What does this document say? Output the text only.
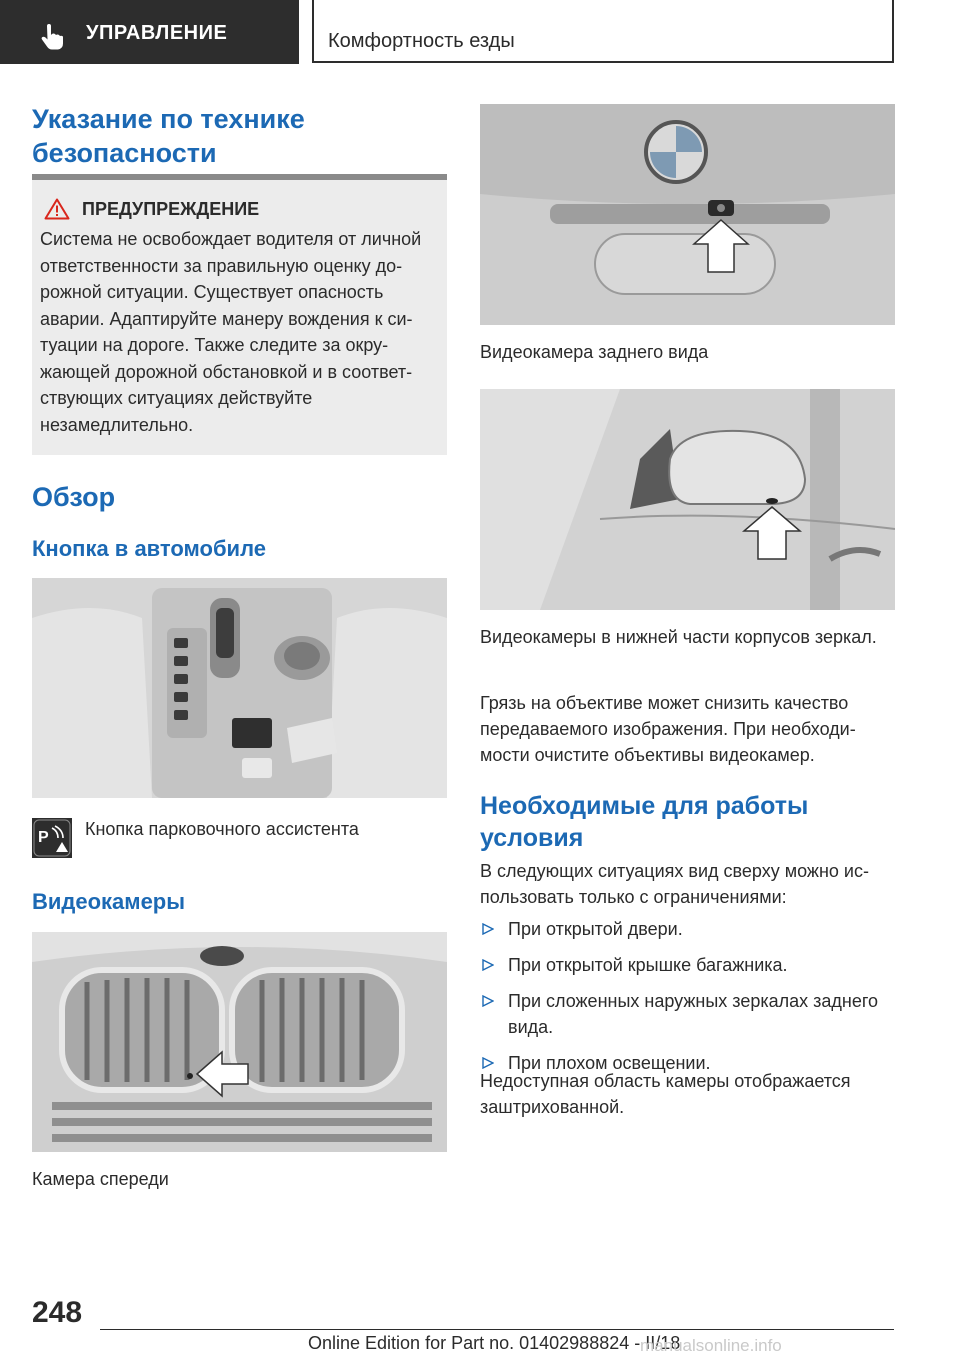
УПРАВЛЕНИЕ	Комфортность езды
Указание по технике безопасности
ПРЕДУПРЕЖДЕНИЕ

Система не освобождает водителя от личной ответственности за правильную оценку дорожной ситуации. Существует опасность аварии. Адаптируйте манеру вождения к ситуации на дороге. Также следите за окружающей дорожной обстановкой и в соответствующих ситуациях действуйте незамедлительно.

Обзор
Кнопка в автомобиле
P Кнопка парковочного ассистента
Видеокамеры
Камера спереди
Видеокамера заднего вида
Видеокамеры в нижней части корпусов зеркал.

Грязь на объективе может снизить качество передаваемого изображения. При необходимости очистите объективы видеокамер.

Необходимые для работы условия

В следующих ситуациях вид сверху можно использовать только с ограничениями:

При открытой двери.
При открытой крышке багажника.
При сложенных наружных зеркалах заднего вида.
При плохом освещении.

Недоступная область камеры отображается заштрихованной.

248
Online Edition for Part no. 01402988824 - II/18
manualsonline.info
